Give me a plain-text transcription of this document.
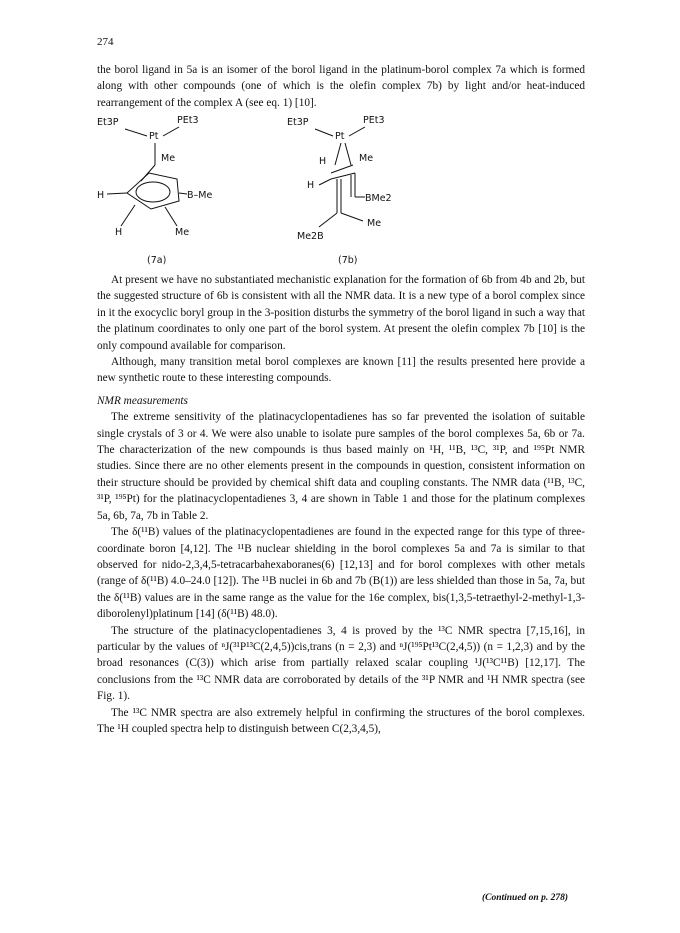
274

the borol ligand in 5a is an isomer of the borol ligand in the platinum-borol complex 7a which is formed along with other compounds (one of which is the olefin complex 7b) by light and/or heat-induced rearrangement of the complex A (see eq. 1) [10].

Et3P	PEt3
Pt
Me
H	B–Me
H	Me
Et3P	PEt3
Pt
H	Me
H
BMe2
Me
Me2B
(7a)	(7b)

At present we have no substantiated mechanistic explanation for the formation of 6b from 4b and 2b, but the suggested structure of 6b is consistent with all the NMR data. It is a new type of a borol complex since in it the exocyclic boryl group in the 3-position disturbs the symmetry of the borol ligand in such a way that the platinum coordinates to only one part of the borol system. At present the olefin complex 7b [10] is the only compound available for comparison.

Although, many transition metal borol complexes are known [11] the results presented here provide a new synthetic route to these interesting compounds.

NMR measurements

The extreme sensitivity of the platinacyclopentadienes has so far prevented the isolation of suitable single crystals of 3 or 4. We were also unable to isolate pure samples of the borol complexes 5a, 6b or 7a. The characterization of the new compounds is thus based mainly on ¹H, ¹¹B, ¹³C, ³¹P, and ¹⁹⁵Pt NMR studies. Since there are no other elements present in the compounds in question, consistent information on their structure should be provided by chemical shift data and coupling constants. The NMR data (¹¹B, ¹³C, ³¹P, ¹⁹⁵Pt) for the platinacyclopentadienes 3, 4 are shown in Table 1 and those for the platinum complexes 5a, 6b, 7a, 7b in Table 2.

The δ(¹¹B) values of the platinacyclopentadienes are found in the expected range for this type of three-coordinate boron [4,12]. The ¹¹B nuclear shielding in the borol complexes 5a and 7a is similar to that observed for nido-2,3,4,5-tetracarbahexaboranes(6) [12,13] and for borol complexes with other metals (range of δ(¹¹B) 4.0–24.0 [12]). The ¹¹B nuclei in 6b and 7b (B(1)) are less shielded than those in 5a, 7a, but the δ(¹¹B) values are in the same range as the value for the 16e complex, bis(1,3,5-tetraethyl-2-methyl-1,3-diborolenyl)platinum [14] (δ(¹¹B) 48.0).

The structure of the platinacyclopentadienes 3, 4 is proved by the ¹³C NMR spectra [7,15,16], in particular by the values of ⁿJ(³¹P¹³C(2,4,5))cis,trans (n = 2,3) and ⁿJ(¹⁹⁵Pt¹³C(2,4,5)) (n = 1,2,3) and by the broad resonances (C(3)) which arise from partially relaxed scalar coupling ¹J(¹³C¹¹B) [12,17]. The conclusions from the ¹³C NMR data are corroborated by details of the ³¹P NMR and ¹H NMR spectra (see Fig. 1).

The ¹³C NMR spectra are also extremely helpful in confirming the structures of the borol complexes. The ¹H coupled spectra help to distinguish between C(2,3,4,5),

(Continued on p. 278)
